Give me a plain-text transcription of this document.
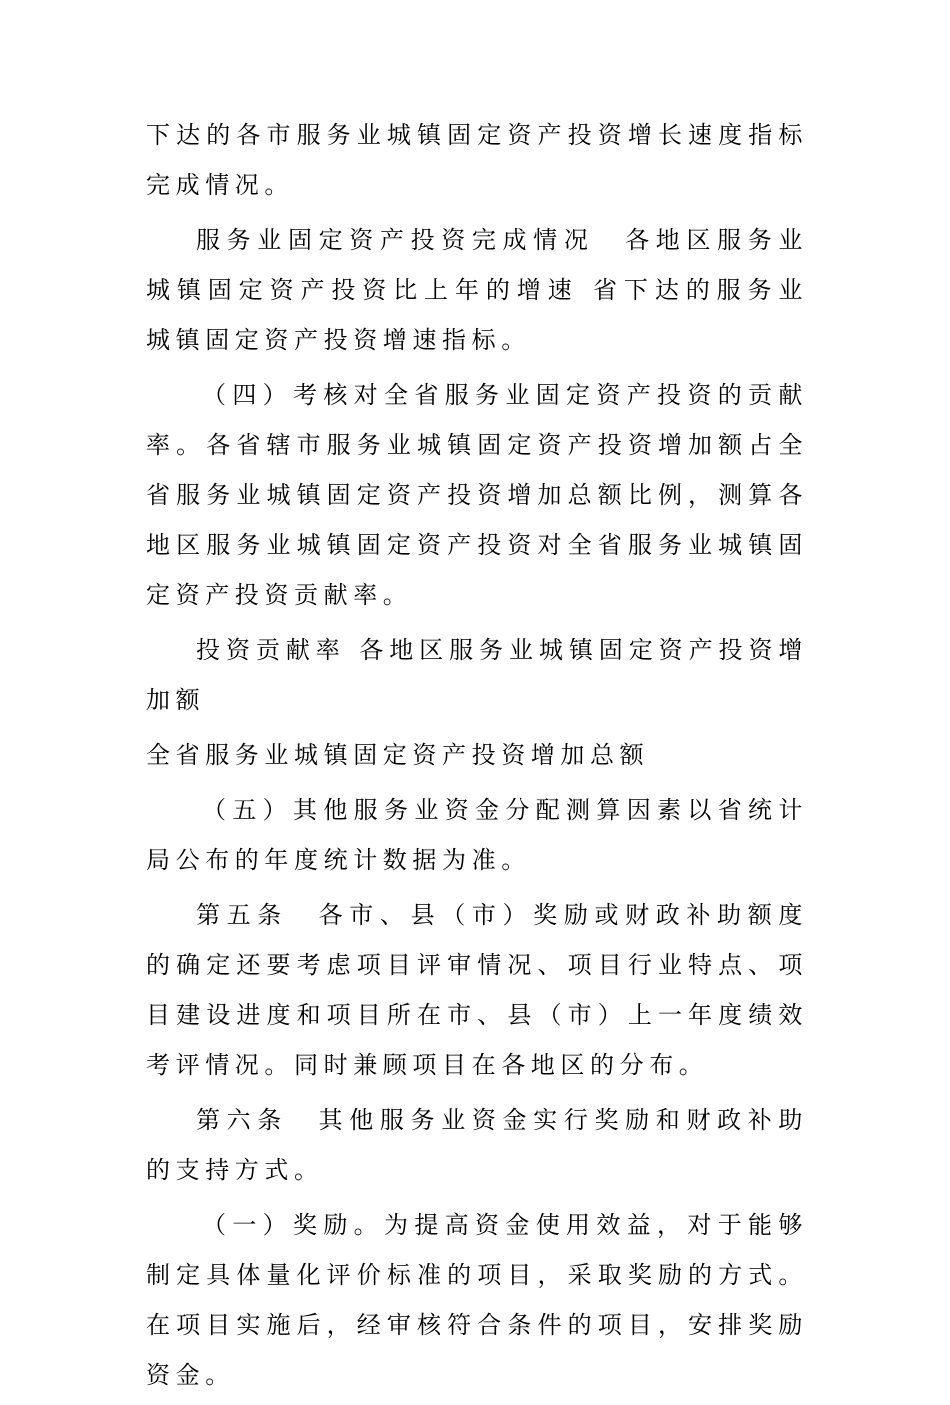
下达的各市服务业城镇固定资产投资增长速度指标完成情况。

服务业固定资产投资完成情况　各地区服务业城镇固定资产投资比上年的增速 省下达的服务业城镇固定资产投资增速指标。

（四）考核对全省服务业固定资产投资的贡献率。各省辖市服务业城镇固定资产投资增加额占全省服务业城镇固定资产投资增加总额比例，测算各地区服务业城镇固定资产投资对全省服务业城镇固定资产投资贡献率。

投资贡献率 各地区服务业城镇固定资产投资增加额

全省服务业城镇固定资产投资增加总额

（五）其他服务业资金分配测算因素以省统计局公布的年度统计数据为准。

第五条　各市、县（市）奖励或财政补助额度的确定还要考虑项目评审情况、项目行业特点、项目建设进度和项目所在市、县（市）上一年度绩效考评情况。同时兼顾项目在各地区的分布。

第六条　其他服务业资金实行奖励和财政补助的支持方式。

（一）奖励。为提高资金使用效益，对于能够制定具体量化评价标准的项目，采取奖励的方式。在项目实施后，经审核符合条件的项目，安排奖励资金。
